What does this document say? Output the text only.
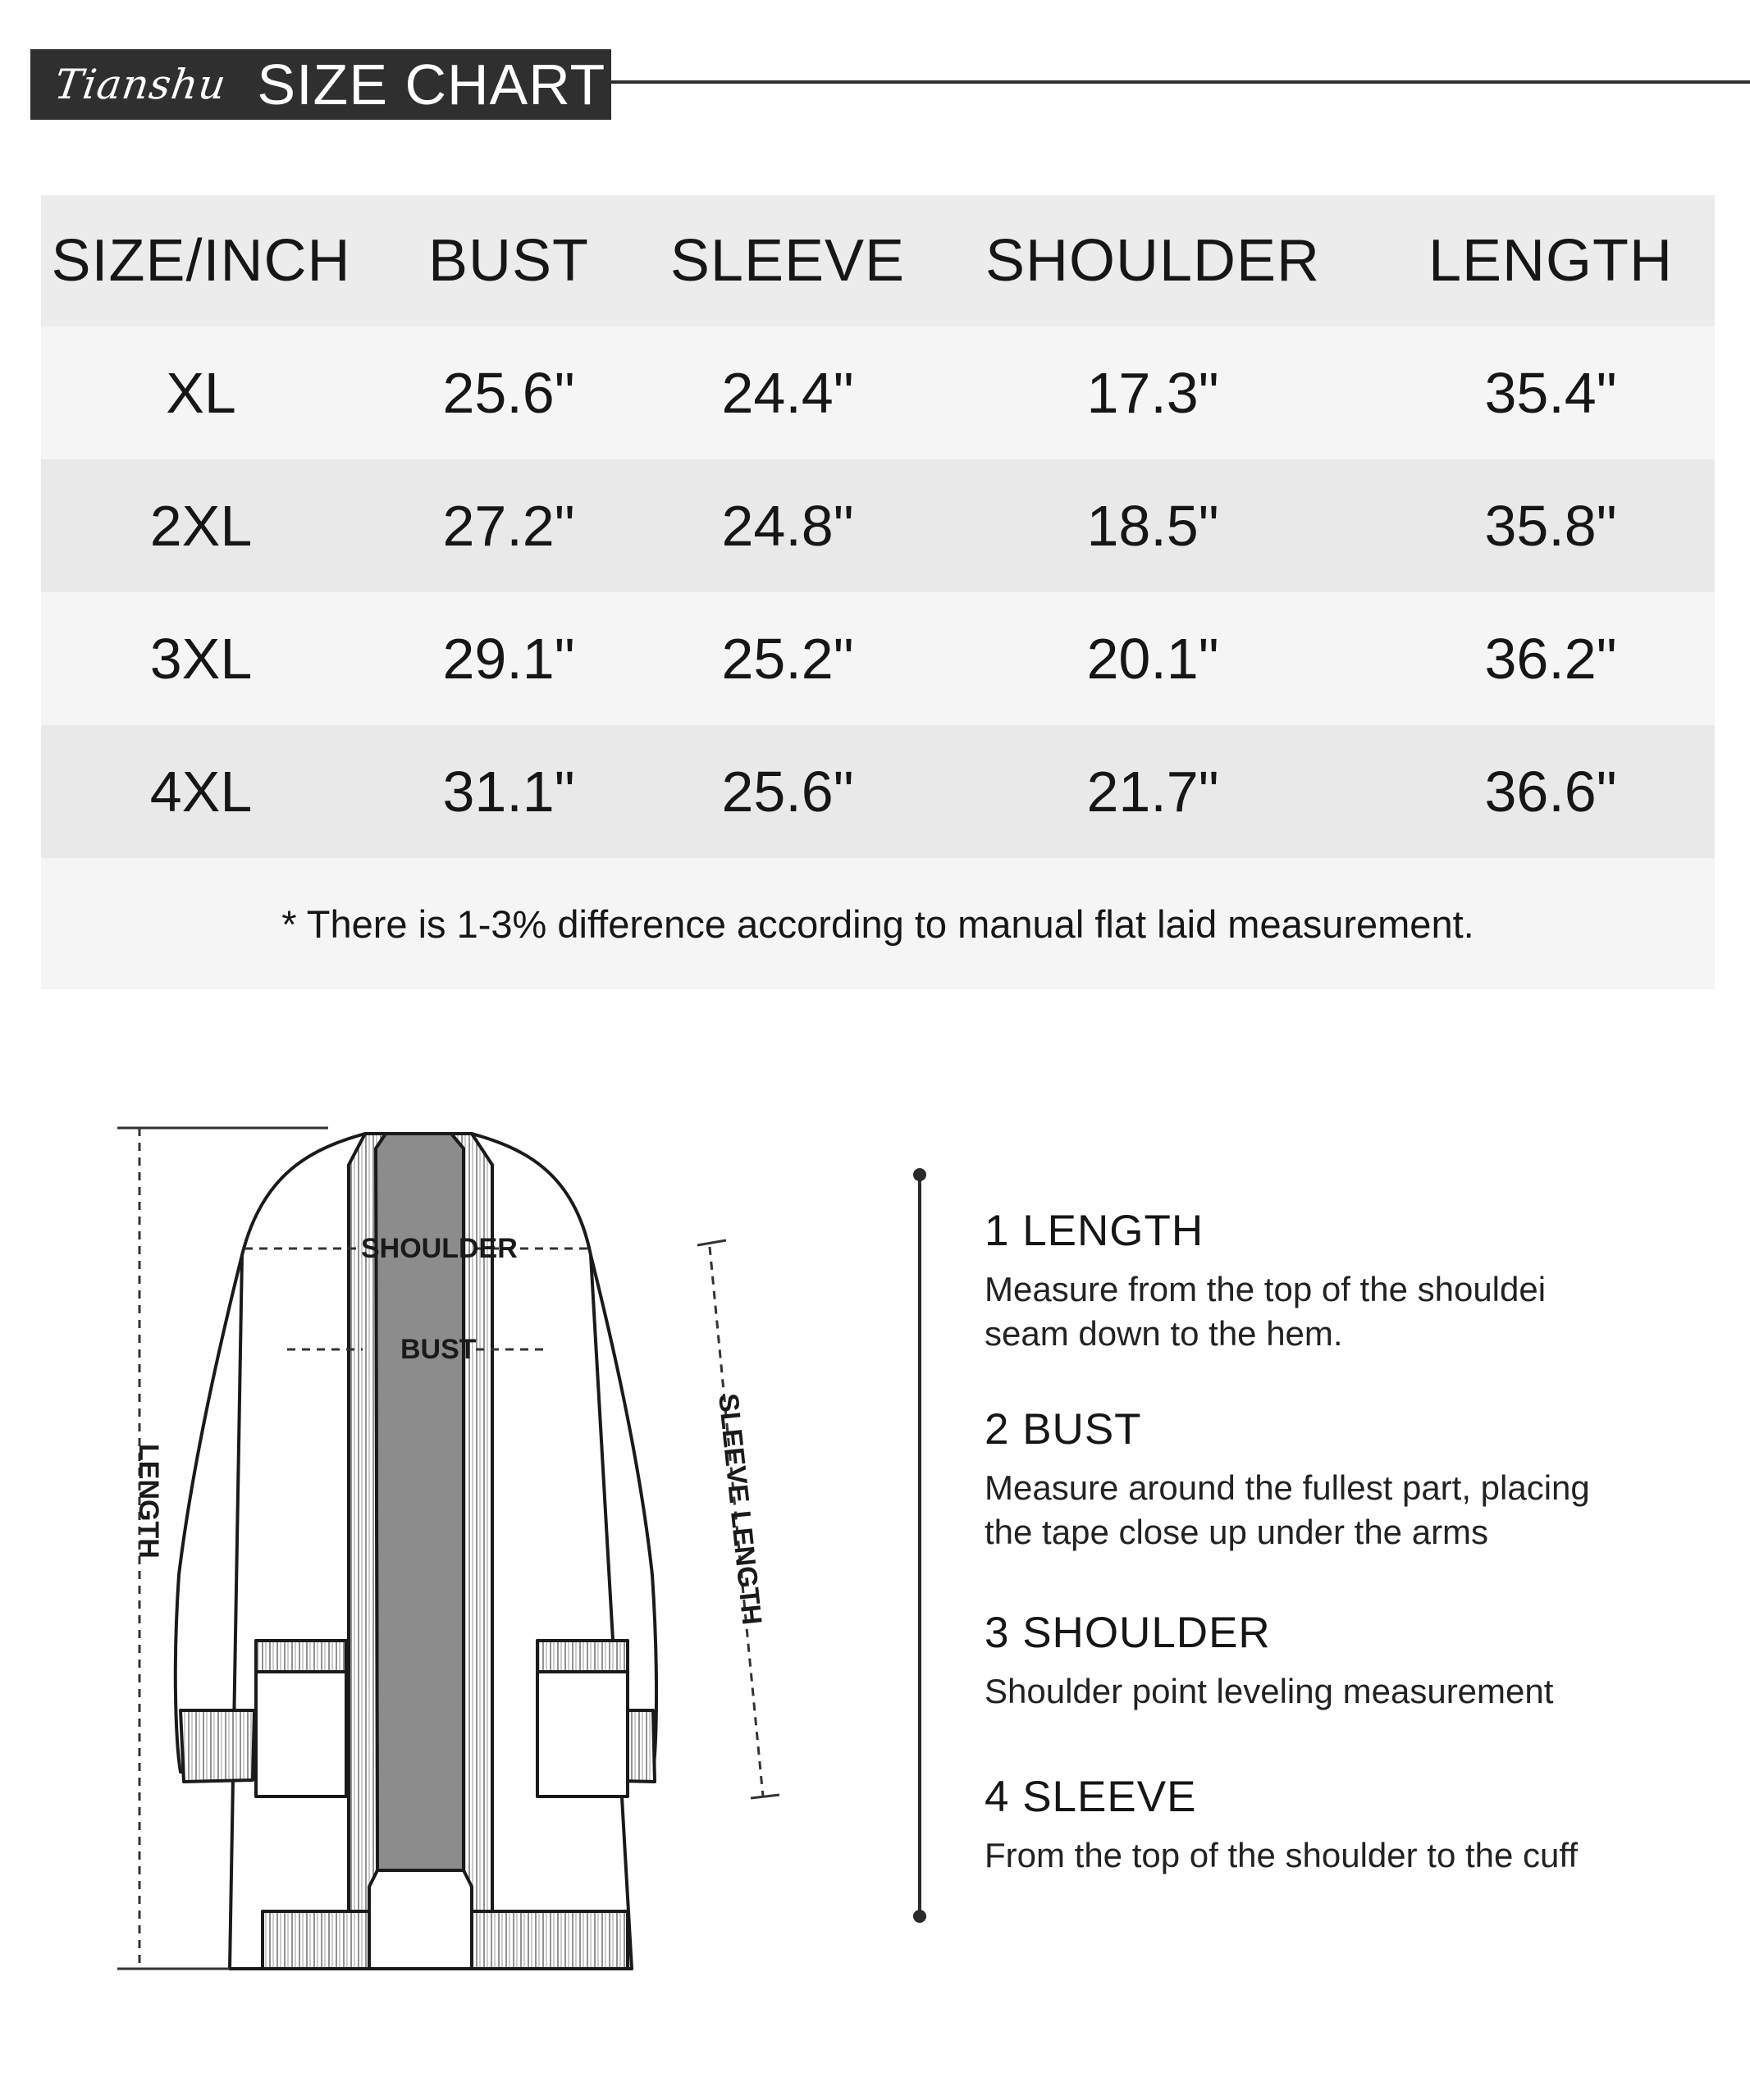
Tianshu SIZE CHART
SIZE/INCH	BUST	SLEEVE	SHOULDER	LENGTH
XL	25.6"	24.4"	17.3"	35.4"
2XL	27.2"	24.8"	18.5"	35.8"
3XL	29.1"	25.2"	20.1"	36.2"
4XL	31.1"	25.6"	21.7"	36.6"
* There is 1-3% difference according to manual flat laid measurement.				
SHOULDER
BUST
LENGTH	SLEEVE LENGTH
1 LENGTH

Measure from the top of the shouldei

seam down to the hem.

2 BUST

Measure around the fullest part, placing

the tape close up under the arms

3 SHOULDER

Shoulder point leveling measurement

4 SLEEVE

From the top of the shoulder to the cuff
